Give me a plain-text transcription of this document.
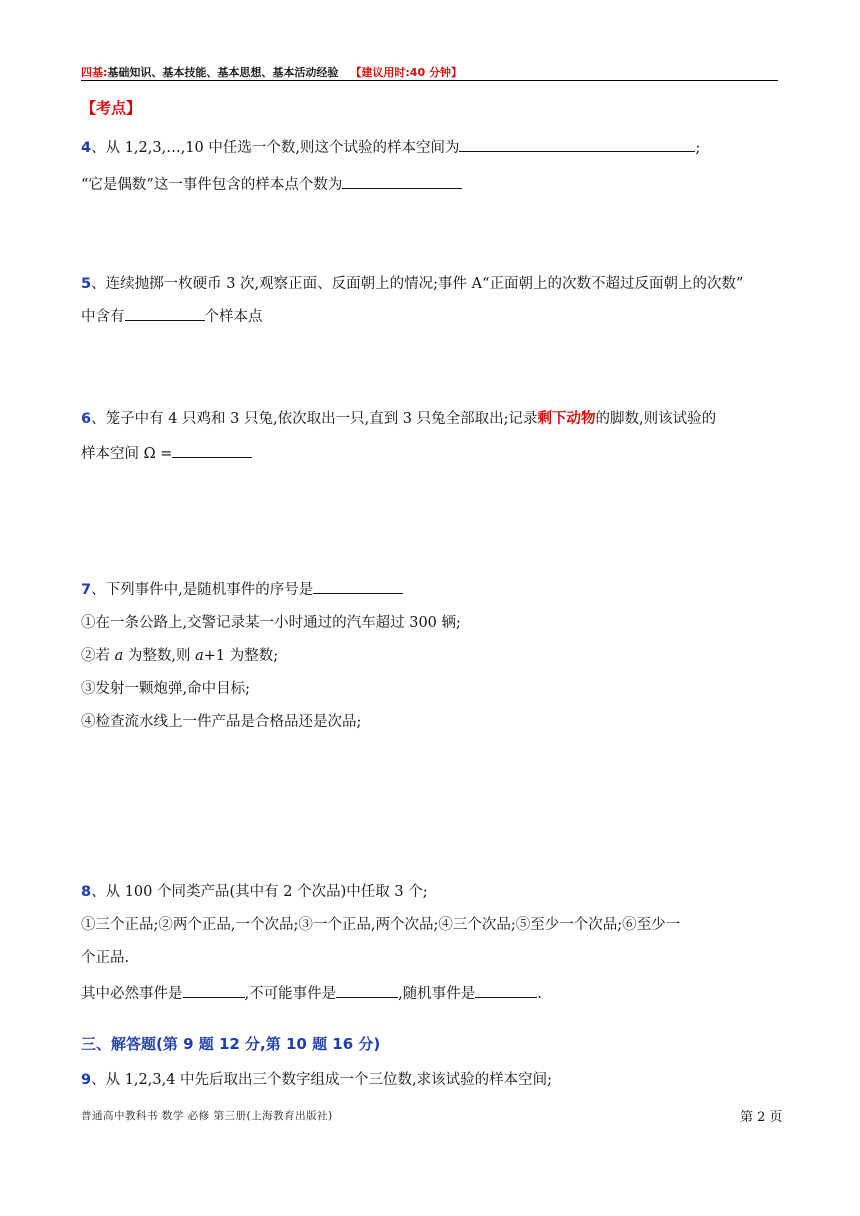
四基:基础知识、基本技能、基本思想、基本活动经验 【建议用时:40 分钟】
【考点】
4、从 1,2,3,…,10 中任选一个数,则这个试验的样本空间为	;
“它是偶数”这一事件包含的样本点个数为
5、连续抛掷一枚硬币 3 次,观察正面、反面朝上的情况;事件 A“正面朝上的次数不超过反面朝上的次数”
中含有	个样本点
6、笼子中有 4 只鸡和 3 只兔,依次取出一只,直到 3 只兔全部取出;记录剩下动物的脚数,则该试验的
样本空间 Ω =
7、下列事件中,是随机事件的序号是
①在一条公路上,交警记录某一小时通过的汽车超过 300 辆;
②若 a 为整数,则 a+1 为整数;
③发射一颗炮弹,命中目标;
④检查流水线上一件产品是合格品还是次品;
8、从 100 个同类产品(其中有 2 个次品)中任取 3 个;
①三个正品;②两个正品,一个次品;③一个正品,两个次品;④三个次品;⑤至少一个次品;⑥至少一
个正品.
其中必然事件是	,不可能事件是	,随机事件是	.
三、解答题(第 9 题 12 分,第 10 题 16 分)
9、从 1,2,3,4 中先后取出三个数字组成一个三位数,求该试验的样本空间;
普通高中教科书 数学 必修 第三册(上海教育出版社)	第 2 页
